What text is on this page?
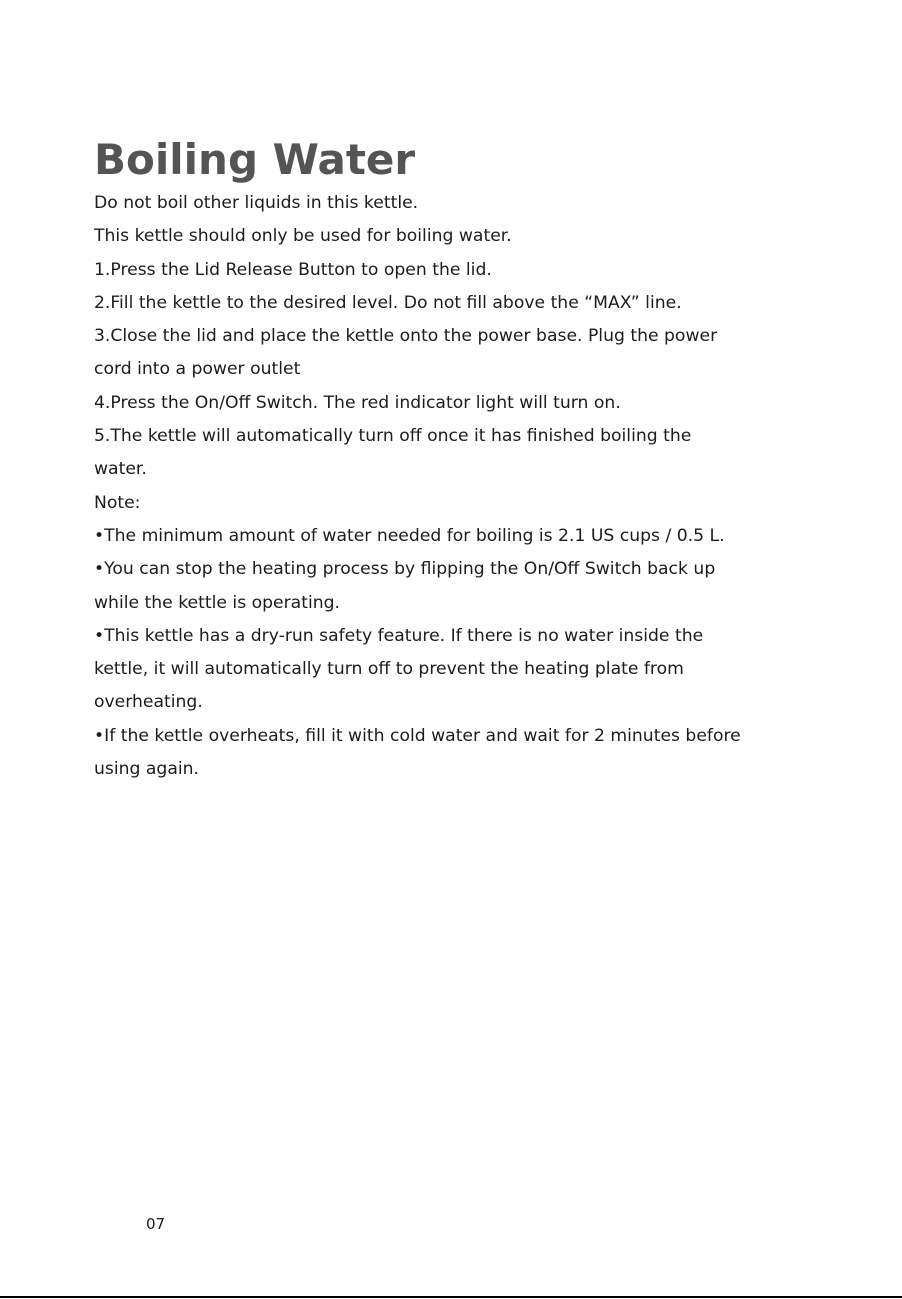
Boiling Water

Do not boil other liquids in this kettle.

This kettle should only be used for boiling water.

1.Press the Lid Release Button to open the lid.

2.Fill the kettle to the desired level. Do not fill above the “MAX” line.

3.Close the lid and place the kettle onto the power base. Plug the power

cord into a power outlet

4.Press the On/Off Switch. The red indicator light will turn on.

5.The kettle will automatically turn off once it has finished boiling the

water.

Note:

•The minimum amount of water needed for boiling is 2.1 US cups / 0.5 L.

•You can stop the heating process by flipping the On/Off Switch back up

while the kettle is operating.

•This kettle has a dry-run safety feature. If there is no water inside the

kettle, it will automatically turn off to prevent the heating plate from

overheating.

•If the kettle overheats, fill it with cold water and wait for 2 minutes before

using again.

07
